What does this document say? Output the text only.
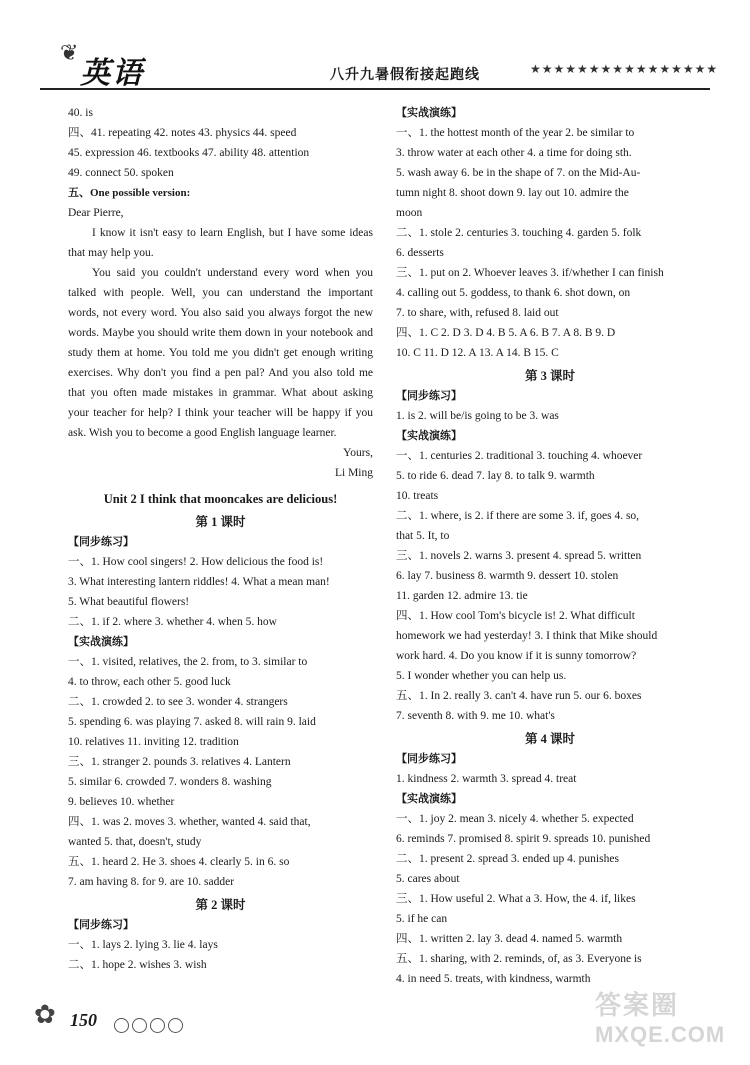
❦
英语	八升九暑假衔接起跑线	★★★★★★★★★★★★★★★★
40. is
四、41. repeating 42. notes 43. physics 44. speed
45. expression 46. textbooks 47. ability 48. attention
49. connect 50. spoken
五、One possible version:
Dear Pierre,
I know it isn't easy to learn English, but I have some ideas that may help you.
You said you couldn't understand every word when you talked with people. Well, you can understand the important words, not every word. You also said you always forgot the new words. Maybe you should write them down in your notebook and study them at home. You told me you didn't get enough writing exercises. Why don't you find a pen pal? And you also told me that you often made mistakes in grammar. What about asking your teacher for help? I think your teacher will be happy if you ask. Wish you to become a good English language learner.
Yours,
Li Ming
Unit 2 I think that mooncakes are delicious!
第 1 课时
【同步练习】
一、1. How cool singers! 2. How delicious the food is!
3. What interesting lantern riddles! 4. What a mean man!
5. What beautiful flowers!
二、1. if 2. where 3. whether 4. when 5. how
【实战演练】
一、1. visited, relatives, the 2. from, to 3. similar to
4. to throw, each other 5. good luck
二、1. crowded 2. to see 3. wonder 4. strangers
5. spending 6. was playing 7. asked 8. will rain 9. laid
10. relatives 11. inviting 12. tradition
三、1. stranger 2. pounds 3. relatives 4. Lantern
5. similar 6. crowded 7. wonders 8. washing
9. believes 10. whether
四、1. was 2. moves 3. whether, wanted 4. said that,
wanted 5. that, doesn't, study
五、1. heard 2. He 3. shoes 4. clearly 5. in 6. so
7. am having 8. for 9. are 10. sadder
第 2 课时
【同步练习】
一、1. lays 2. lying 3. lie 4. lays
二、1. hope 2. wishes 3. wish
【实战演练】
一、1. the hottest month of the year 2. be similar to
3. throw water at each other 4. a time for doing sth.
5. wash away 6. be in the shape of 7. on the Mid-Au-
tumn night 8. shoot down 9. lay out 10. admire the
moon
二、1. stole 2. centuries 3. touching 4. garden 5. folk
6. desserts
三、1. put on 2. Whoever leaves 3. if/whether I can finish
4. calling out 5. goddess, to thank 6. shot down, on
7. to share, with, refused 8. laid out
四、1. C 2. D 3. D 4. B 5. A 6. B 7. A 8. B 9. D
10. C 11. D 12. A 13. A 14. B 15. C
第 3 课时
【同步练习】
1. is 2. will be/is going to be 3. was
【实战演练】
一、1. centuries 2. traditional 3. touching 4. whoever
5. to ride 6. dead 7. lay 8. to talk 9. warmth
10. treats
二、1. where, is 2. if there are some 3. if, goes 4. so,
that 5. It, to
三、1. novels 2. warns 3. present 4. spread 5. written
6. lay 7. business 8. warmth 9. dessert 10. stolen
11. garden 12. admire 13. tie
四、1. How cool Tom's bicycle is! 2. What difficult
homework we had yesterday! 3. I think that Mike should
work hard. 4. Do you know if it is sunny tomorrow?
5. I wonder whether you can help us.
五、1. In 2. really 3. can't 4. have run 5. our 6. boxes
7. seventh 8. with 9. me 10. what's
第 4 课时
【同步练习】
1. kindness 2. warmth 3. spread 4. treat
【实战演练】
一、1. joy 2. mean 3. nicely 4. whether 5. expected
6. reminds 7. promised 8. spirit 9. spreads 10. punished
二、1. present 2. spread 3. ended up 4. punishes
5. cares about
三、1. How useful 2. What a 3. How, the 4. if, likes
5. if he can
四、1. written 2. lay 3. dead 4. named 5. warmth
五、1. sharing, with 2. reminds, of, as 3. Everyone is
4. in need 5. treats, with kindness, warmth
✿ 150	答案圈
MXQE.COM
